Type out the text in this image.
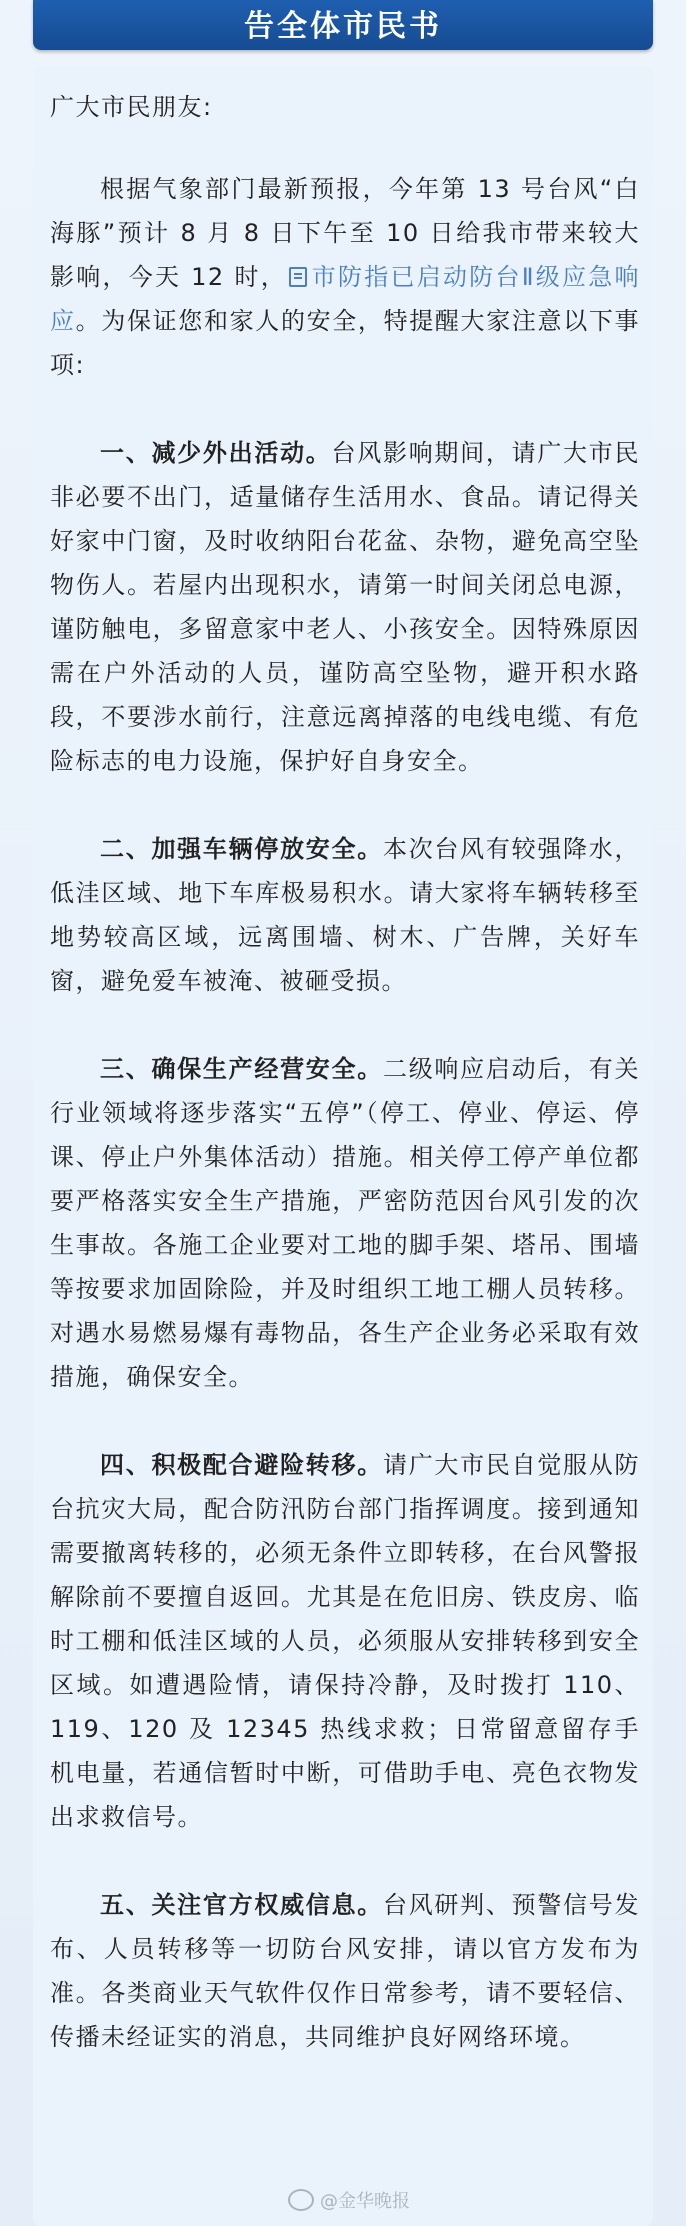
告全体市民书

广大市民朋友:

根据气象部门最新预报，今年第 13 号台风“白海豚”预计 8 月 8 日下午至 10 日给我市带来较大影响，今天 12 时， 市防指已启动防台Ⅱ级应急响应。为保证您和家人的安全，特提醒大家注意以下事项:

一、减少外出活动。台风影响期间，请广大市民非必要不出门，适量储存生活用水、食品。请记得关好家中门窗，及时收纳阳台花盆、杂物，避免高空坠物伤人。若屋内出现积水，请第一时间关闭总电源，谨防触电，多留意家中老人、小孩安全。因特殊原因需在户外活动的人员，谨防高空坠物，避开积水路段，不要涉水前行，注意远离掉落的电线电缆、有危险标志的电力设施，保护好自身安全。

二、加强车辆停放安全。本次台风有较强降水，低洼区域、地下车库极易积水。请大家将车辆转移至地势较高区域，远离围墙、树木、广告牌，关好车窗，避免爱车被淹、被砸受损。

三、确保生产经营安全。二级响应启动后，有关行业领域将逐步落实“五停”（停工、停业、停运、停课、停止户外集体活动）措施。相关停工停产单位都要严格落实安全生产措施，严密防范因台风引发的次生事故。各施工企业要对工地的脚手架、塔吊、围墙等按要求加固除险，并及时组织工地工棚人员转移。对遇水易燃易爆有毒物品，各生产企业务必采取有效措施，确保安全。

四、积极配合避险转移。请广大市民自觉服从防台抗灾大局，配合防汛防台部门指挥调度。接到通知需要撤离转移的，必须无条件立即转移，在台风警报解除前不要擅自返回。尤其是在危旧房、铁皮房、临时工棚和低洼区域的人员，必须服从安排转移到安全区域。如遭遇险情，请保持冷静，及时拨打 110、119、120 及 12345 热线求救；日常留意留存手机电量，若通信暂时中断，可借助手电、亮色衣物发出求救信号。

五、关注官方权威信息。台风研判、预警信号发布、人员转移等一切防台风安排，请以官方发布为准。各类商业天气软件仅作日常参考，请不要轻信、传播未经证实的消息，共同维护良好网络环境。

@金华晚报
